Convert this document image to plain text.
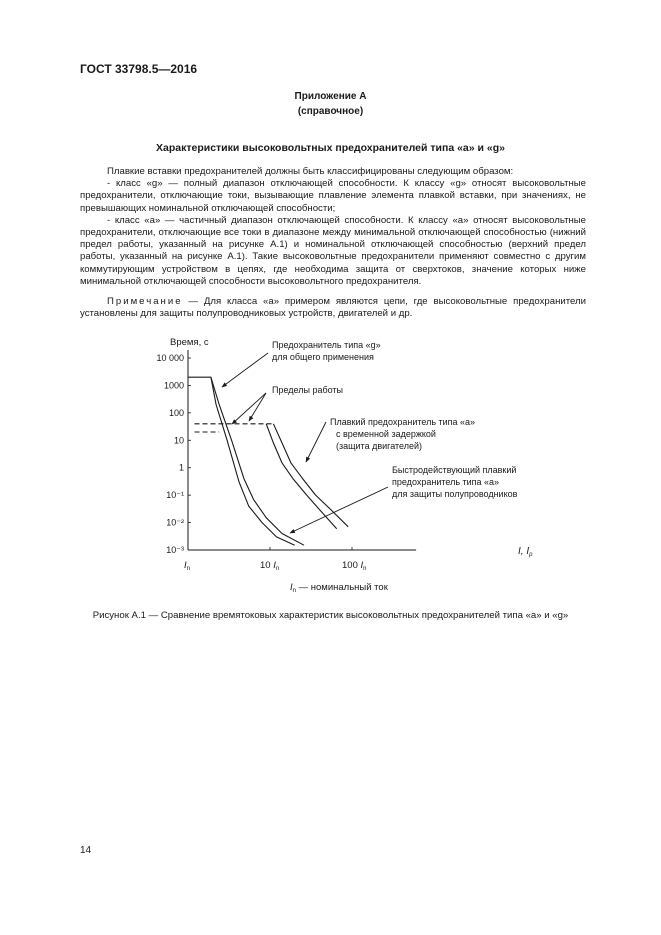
ГОСТ 33798.5—2016
Приложение А
(справочное)
Характеристики высоковольтных предохранителей типа «а» и «g»

Плавкие вставки предохранителей должны быть классифицированы следующим образом:

- класс «g» — полный диапазон отключающей способности. К классу «g» относят высоковольтные предохранители, отключающие токи, вызывающие плавление элемента плавкой вставки, при значениях, не превышающих номинальной отключающей способности;

- класс «а» — частичный диапазон отключающей способности. К классу «а» относят высоковольтные предохранители, отключающие все токи в диапазоне между минимальной отключающей способностью (нижний предел работы, указанный на рисунке А.1) и номинальной отключающей способностью (верхний предел работы, указанный на рисунке А.1). Такие высоковольтные предохранители применяют совместно с другим коммутирующим устройством в цепях, где необходима защита от сверхтоков, значение которых ниже минимальной отключающей способности высоковольтного предохранителя.

Примечание — Для класса «а» примером являются цепи, где высоковольтные предохранители установлены для защиты полупроводниковых устройств, двигателей и др.

Время, с
I, $I_p$
10 000
1000
100
10
1
10⁻¹
10⁻²
10⁻³
$I_n$	10 $I_n$	100 $I_n$
Предохранитель типа «g»
для общего применения
Пределы работы
Плавкий предохранитель типа «а»
с временной задержкой
(защита двигателей)
Быстродействующий плавкий
предохранитель типа «а»
для защиты полупроводников
$I_n$ — номинальный ток
Рисунок А.1 — Сравнение времятоковых характеристик высоковольтных предохранителей типа «а» и «g»
14
